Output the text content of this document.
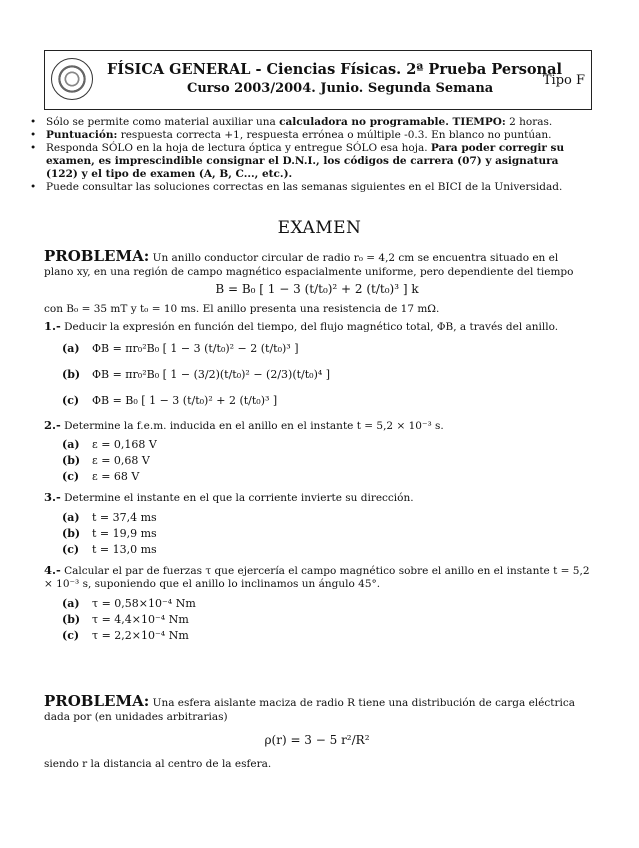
FÍSICA GENERAL - Ciencias Físicas. 2ª Prueba Personal
Curso 2003/2004. Junio. Segunda Semana
Tipo F
• Sólo se permite como material auxiliar una calculadora no programable. TIEMPO: 2 horas.
• Puntuación: respuesta correcta +1, respuesta errónea o múltiple -0.3. En blanco no puntúan.
• Responda SÓLO en la hoja de lectura óptica y entregue SÓLO esa hoja. Para poder corregir su examen, es imprescindible consignar el D.N.I., los códigos de carrera (07) y asignatura (122) y el tipo de examen (A, B, C..., etc.).
• Puede consultar las soluciones correctas en las semanas siguientes en el BICI de la Universidad.
EXAMEN
PROBLEMA: Un anillo conductor circular de radio r₀ = 4,2 cm se encuentra situado en el plano xy, en una región de campo magnético espacialmente uniforme, pero dependiente del tiempo
B = B₀ [ 1 − 3 (t/t₀)² + 2 (t/t₀)³ ] k
con B₀ = 35 mT y t₀ = 10 ms. El anillo presenta una resistencia de 17 mΩ.
1.- Deducir la expresión en función del tiempo, del flujo magnético total, ΦB, a través del anillo.
(a)	ΦB = πr₀²B₀ [ 1 − 3 (t/t₀)² − 2 (t/t₀)³ ]
(b)	ΦB = πr₀²B₀ [ 1 − (3/2)(t/t₀)² − (2/3)(t/t₀)⁴ ]
(c)	ΦB = B₀ [ 1 − 3 (t/t₀)² + 2 (t/t₀)³ ]
2.- Determine la f.e.m. inducida en el anillo en el instante t = 5,2 × 10⁻³ s.
(a)	ε = 0,168 V
(b)	ε = 0,68 V
(c)	ε = 68 V
3.- Determine el instante en el que la corriente invierte su dirección.
(a)	t = 37,4 ms
(b)	t = 19,9 ms
(c)	t = 13,0 ms
4.- Calcular el par de fuerzas τ que ejercería el campo magnético sobre el anillo en el instante t = 5,2 × 10⁻³ s, suponiendo que el anillo lo inclinamos un ángulo 45°.
(a)	τ = 0,58×10⁻⁴ Nm
(b)	τ = 4,4×10⁻⁴ Nm
(c)	τ = 2,2×10⁻⁴ Nm
PROBLEMA: Una esfera aislante maciza de radio R tiene una distribución de carga eléctrica dada por (en unidades arbitrarias)
ρ(r) = 3 − 5 r²/R²
siendo r la distancia al centro de la esfera.
